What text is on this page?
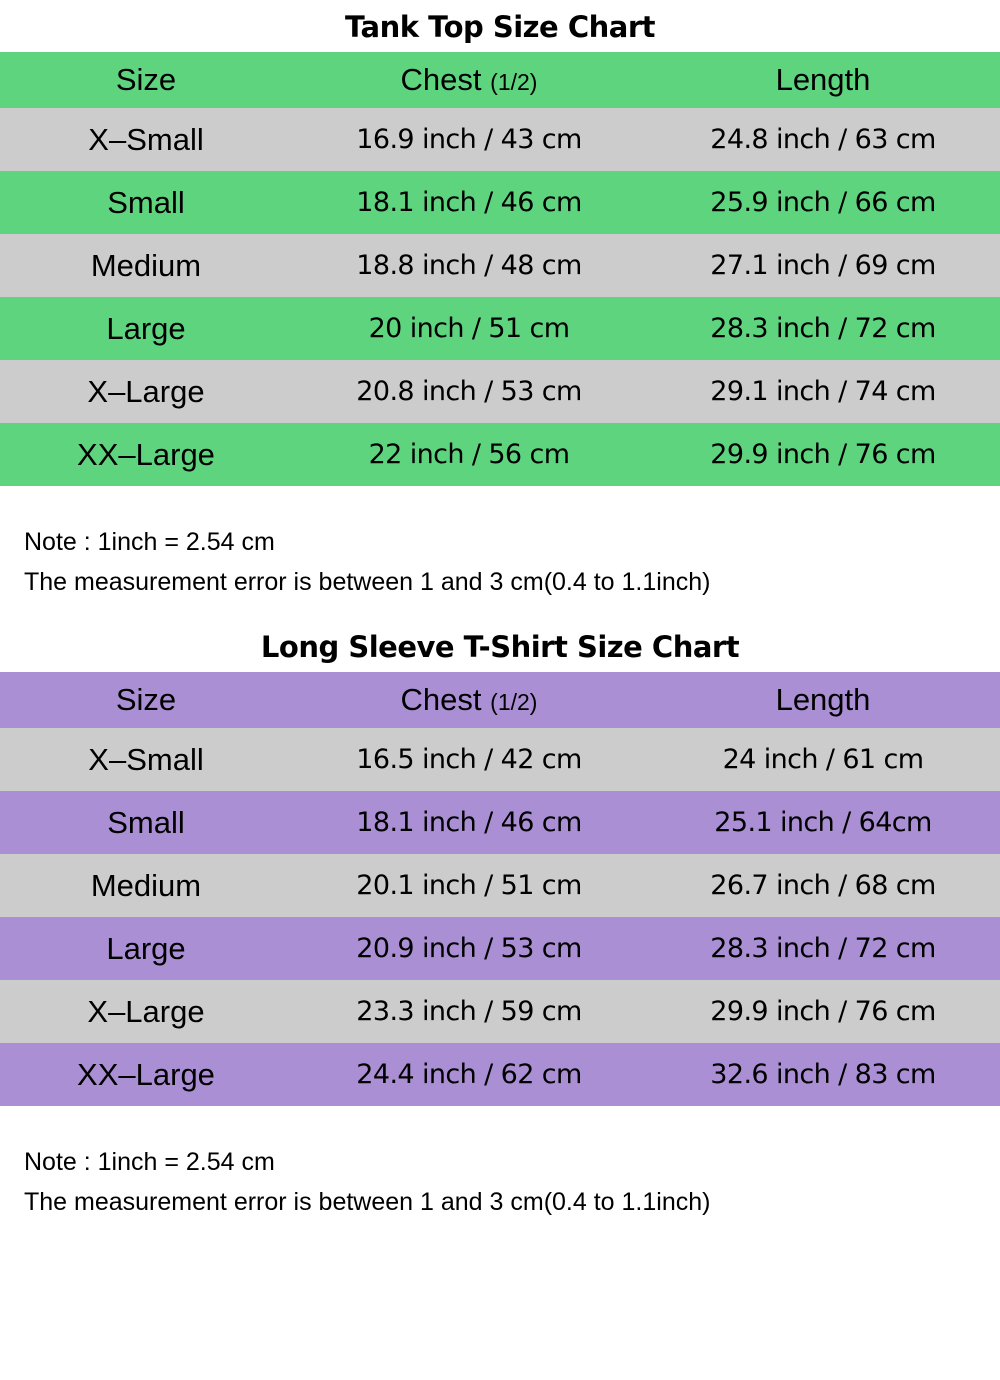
Tank Top Size Chart
Size	Chest (1/2)	Length
X–Small	16.9 inch / 43 cm	24.8 inch / 63 cm
Small	18.1 inch / 46 cm	25.9 inch / 66 cm
Medium	18.8 inch / 48 cm	27.1 inch / 69 cm
Large	20 inch / 51 cm	28.3 inch / 72 cm
X–Large	20.8 inch / 53 cm	29.1 inch / 74 cm
XX–Large	22 inch / 56 cm	29.9 inch / 76 cm
Note : 1inch = 2.54 cm
The measurement error is between 1 and 3 cm(0.4 to 1.1inch)
Long Sleeve T-Shirt Size Chart
Size	Chest (1/2)	Length
X–Small	16.5 inch / 42 cm	24 inch / 61 cm
Small	18.1 inch / 46 cm	25.1 inch / 64cm
Medium	20.1 inch / 51 cm	26.7 inch / 68 cm
Large	20.9 inch / 53 cm	28.3 inch / 72 cm
X–Large	23.3 inch / 59 cm	29.9 inch / 76 cm
XX–Large	24.4 inch / 62 cm	32.6 inch / 83 cm
Note : 1inch = 2.54 cm
The measurement error is between 1 and 3 cm(0.4 to 1.1inch)
